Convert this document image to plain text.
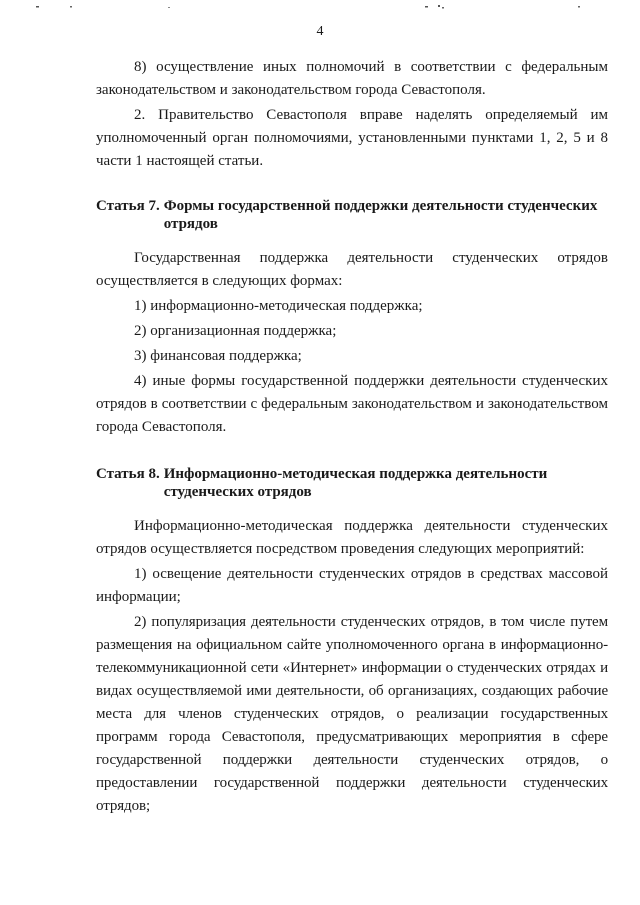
4

8) осуществление иных полномочий в соответствии с федеральным законодательством и законодательством города Севастополя.

2. Правительство Севастополя вправе наделять определяемый им уполномоченный орган полномочиями, установленными пунктами 1, 2, 5 и 8 части 1 настоящей статьи.

Статья 7. Формы государственной поддержки деятельности студенческих отрядов

Государственная поддержка деятельности студенческих отрядов осуществляется в следующих формах:

1) информационно-методическая поддержка;

2) организационная поддержка;

3) финансовая поддержка;

4) иные формы государственной поддержки деятельности студенческих отрядов в соответствии с федеральным законодательством и законодательством города Севастополя.

Статья 8. Информационно-методическая поддержка деятельности студенческих отрядов

Информационно-методическая поддержка деятельности студенческих отрядов осуществляется посредством проведения следующих мероприятий:

1) освещение деятельности студенческих отрядов в средствах массовой информации;

2) популяризация деятельности студенческих отрядов, в том числе путем размещения на официальном сайте уполномоченного органа в информационно-телекоммуникационной сети «Интернет» информации о студенческих отрядах и видах осуществляемой ими деятельности, об организациях, создающих рабочие места для членов студенческих отрядов, о реализации государственных программ города Севастополя, предусматривающих мероприятия в сфере государственной поддержки деятельности студенческих отрядов, о предоставлении государственной поддержки деятельности студенческих отрядов;
